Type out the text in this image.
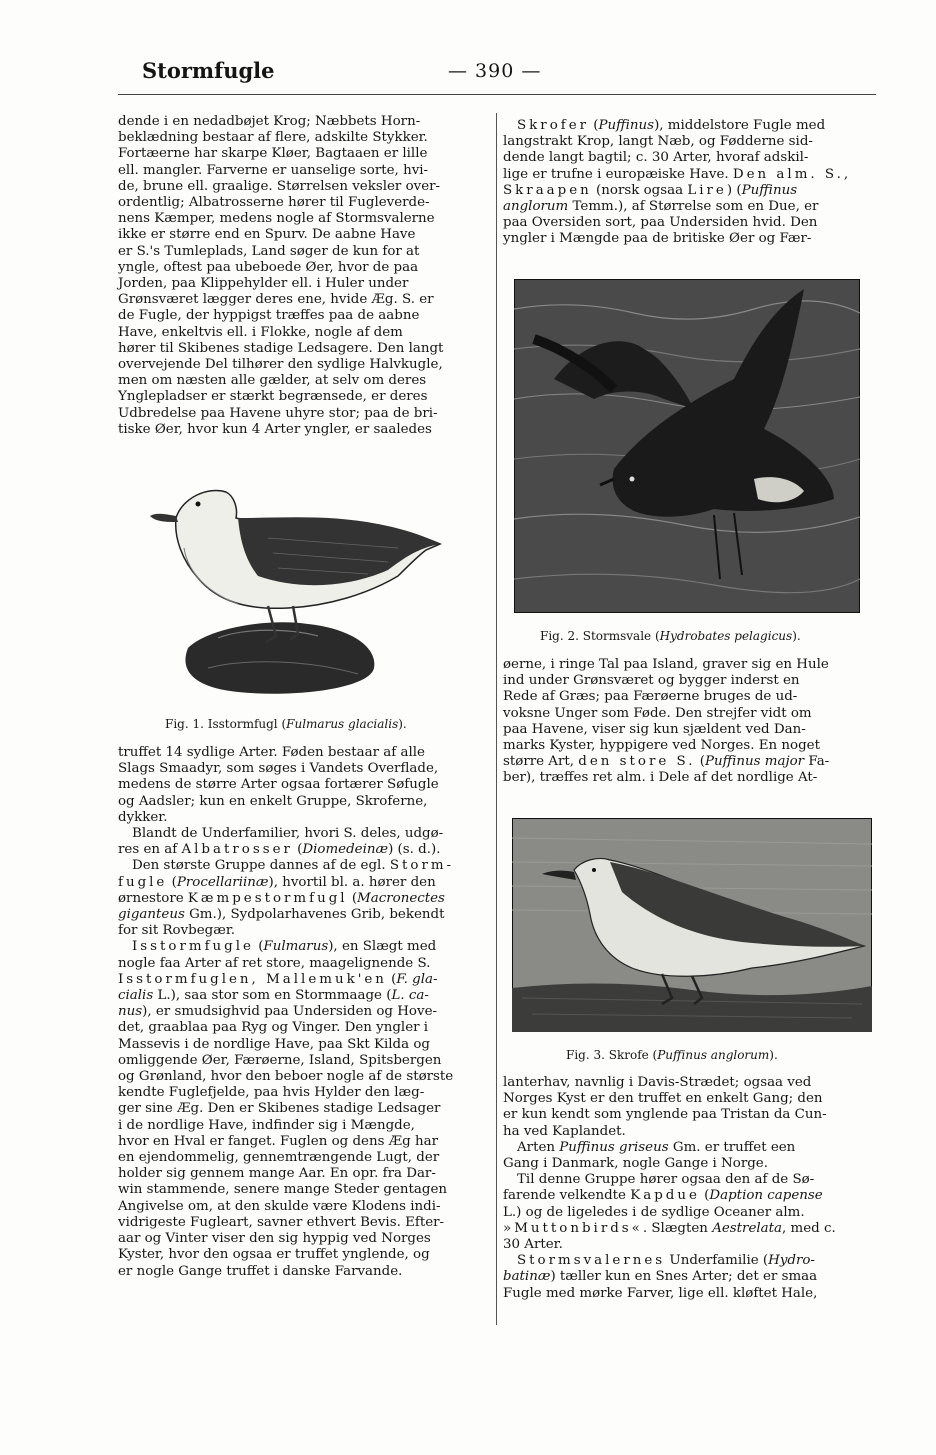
Stormfugle	— 390 —

dende i en nedadbøjet Krog; Næbbets Horn-

beklædning bestaar af flere, adskilte Stykker.

Fortæerne har skarpe Kløer, Bagtaaen er lille

ell. mangler. Farverne er uanselige sorte, hvi-

de, brune ell. graalige. Størrelsen veksler over-

ordentlig; Albatrosserne hører til Fugleverde-

nens Kæmper, medens nogle af Stormsvalerne

ikke er større end en Spurv. De aabne Have

er S.'s Tumleplads, Land søger de kun for at

yngle, oftest paa ubeboede Øer, hvor de paa

Jorden, paa Klippehylder ell. i Huler under

Grønsværet lægger deres ene, hvide Æg. S. er

de Fugle, der hyppigst træffes paa de aabne

Have, enkeltvis ell. i Flokke, nogle af dem

hører til Skibenes stadige Ledsagere. Den langt

overvejende Del tilhører den sydlige Halvkugle,

men om næsten alle gælder, at selv om deres

Ynglepladser er stærkt begrænsede, er deres

Udbredelse paa Havene uhyre stor; paa de bri-

tiske Øer, hvor kun 4 Arter yngler, er saaledes

Fig. 1. Isstormfugl (Fulmarus glacialis).

truffet 14 sydlige Arter. Føden bestaar af alle

Slags Smaadyr, som søges i Vandets Overflade,

medens de større Arter ogsaa fortærer Søfugle

og Aadsler; kun en enkelt Gruppe, Skroferne,

dykker.

Blandt de Underfamilier, hvori S. deles, udgø-

res en af Albatrosser (Diomedeinæ) (s. d.).

Den største Gruppe dannes af de egl. Storm-

fugle (Procellariinæ), hvortil bl. a. hører den

ørnestore Kæmpestormfugl (Macronectes

giganteus Gm.), Sydpolarhavenes Grib, bekendt

for sit Rovbegær.

Isstormfugle (Fulmarus), en Slægt med

nogle faa Arter af ret store, maagelignende S.

Isstormfuglen, Mallemuk'en (F. gla-

cialis L.), saa stor som en Stormmaage (L. ca-

nus), er smudsighvid paa Undersiden og Hove-

det, graablaa paa Ryg og Vinger. Den yngler i

Massevis i de nordlige Have, paa Skt Kilda og

omliggende Øer, Færøerne, Island, Spitsbergen

og Grønland, hvor den beboer nogle af de største

kendte Fuglefjelde, paa hvis Hylder den læg-

ger sine Æg. Den er Skibenes stadige Ledsager

i de nordlige Have, indfinder sig i Mængde,

hvor en Hval er fanget. Fuglen og dens Æg har

en ejendommelig, gennemtrængende Lugt, der

holder sig gennem mange Aar. En opr. fra Dar-

win stammende, senere mange Steder gentagen

Angivelse om, at den skulde være Klodens indi-

vidrigeste Fugleart, savner ethvert Bevis. Efter-

aar og Vinter viser den sig hyppig ved Norges

Kyster, hvor den ogsaa er truffet ynglende, og

er nogle Gange truffet i danske Farvande.

Skrofer (Puffinus), middelstore Fugle med

langstrakt Krop, langt Næb, og Fødderne sid-

dende langt bagtil; c. 30 Arter, hvoraf adskil-

lige er trufne i europæiske Have. Den alm. S.,

Skraapen (norsk ogsaa Lire) (Puffinus

anglorum Temm.), af Størrelse som en Due, er

paa Oversiden sort, paa Undersiden hvid. Den

yngler i Mængde paa de britiske Øer og Fær-

Fig. 2. Stormsvale (Hydrobates pelagicus).

øerne, i ringe Tal paa Island, graver sig en Hule

ind under Grønsværet og bygger inderst en

Rede af Græs; paa Færøerne bruges de ud-

voksne Unger som Føde. Den strejfer vidt om

paa Havene, viser sig kun sjældent ved Dan-

marks Kyster, hyppigere ved Norges. En noget

større Art, den store S. (Puffinus major Fa-

ber), træffes ret alm. i Dele af det nordlige At-

Fig. 3. Skrofe (Puffinus anglorum).

lanterhav, navnlig i Davis-Strædet; ogsaa ved

Norges Kyst er den truffet en enkelt Gang; den

er kun kendt som ynglende paa Tristan da Cun-

ha ved Kaplandet.

Arten Puffinus griseus Gm. er truffet een

Gang i Danmark, nogle Gange i Norge.

Til denne Gruppe hører ogsaa den af de Sø-

farende velkendte Kapdue (Daption capense

L.) og de ligeledes i de sydlige Oceaner alm.

»Muttonbirds«. Slægten Aestrelata, med c.

30 Arter.

Stormsvalernes Underfamilie (Hydro-

batinæ) tæller kun en Snes Arter; det er smaa

Fugle med mørke Farver, lige ell. kløftet Hale,
